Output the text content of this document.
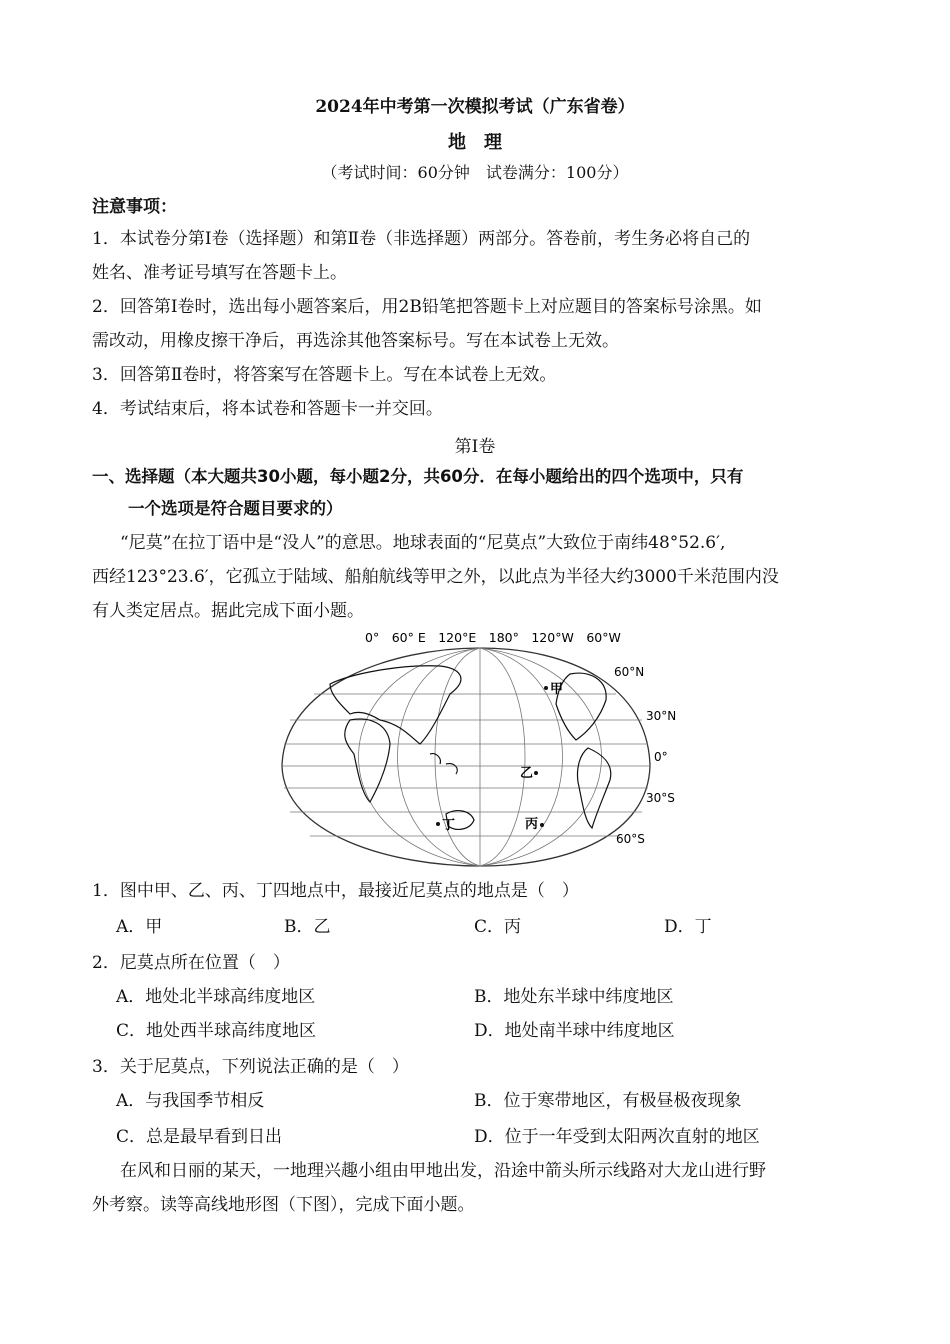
2024年中考第一次模拟考试（广东省卷）
地　理
（考试时间：60分钟　试卷满分：100分）
注意事项：
1．本试卷分第Ⅰ卷（选择题）和第Ⅱ卷（非选择题）两部分。答卷前，考生务必将自己的
姓名、准考证号填写在答题卡上。
2．回答第Ⅰ卷时，选出每小题答案后，用2B铅笔把答题卡上对应题目的答案标号涂黑。如
需改动，用橡皮擦干净后，再选涂其他答案标号。写在本试卷上无效。
3．回答第Ⅱ卷时，将答案写在答题卡上。写在本试卷上无效。
4．考试结束后，将本试卷和答题卡一并交回。
第Ⅰ卷
一、选择题（本大题共30小题，每小题2分，共60分．在每小题给出的四个选项中，只有
一个选项是符合题目要求的）
“尼莫”在拉丁语中是“没人”的意思。地球表面的“尼莫点”大致位于南纬48°52.6′,
西经123°23.6′，它孤立于陆域、船舶航线等甲之外，以此点为半径大约3000千米范围内没
有人类定居点。据此完成下面小题。
0°　60° E　120°E　180°　120°W　60°W
60°N
30°N
0°
30°S
60°S
甲
乙
丙
丁
1．图中甲、乙、丙、丁四地点中，最接近尼莫点的地点是（　）
A．甲	B．乙	C．丙	D．丁
2．尼莫点所在位置（　）
A．地处北半球高纬度地区	B．地处东半球中纬度地区
C．地处西半球高纬度地区	D．地处南半球中纬度地区
3．关于尼莫点，下列说法正确的是（　）
A．与我国季节相反	B．位于寒带地区，有极昼极夜现象
C．总是最早看到日出	D．位于一年受到太阳两次直射的地区
在风和日丽的某天，一地理兴趣小组由甲地出发，沿途中箭头所示线路对大龙山进行野
外考察。读等高线地形图（下图），完成下面小题。
